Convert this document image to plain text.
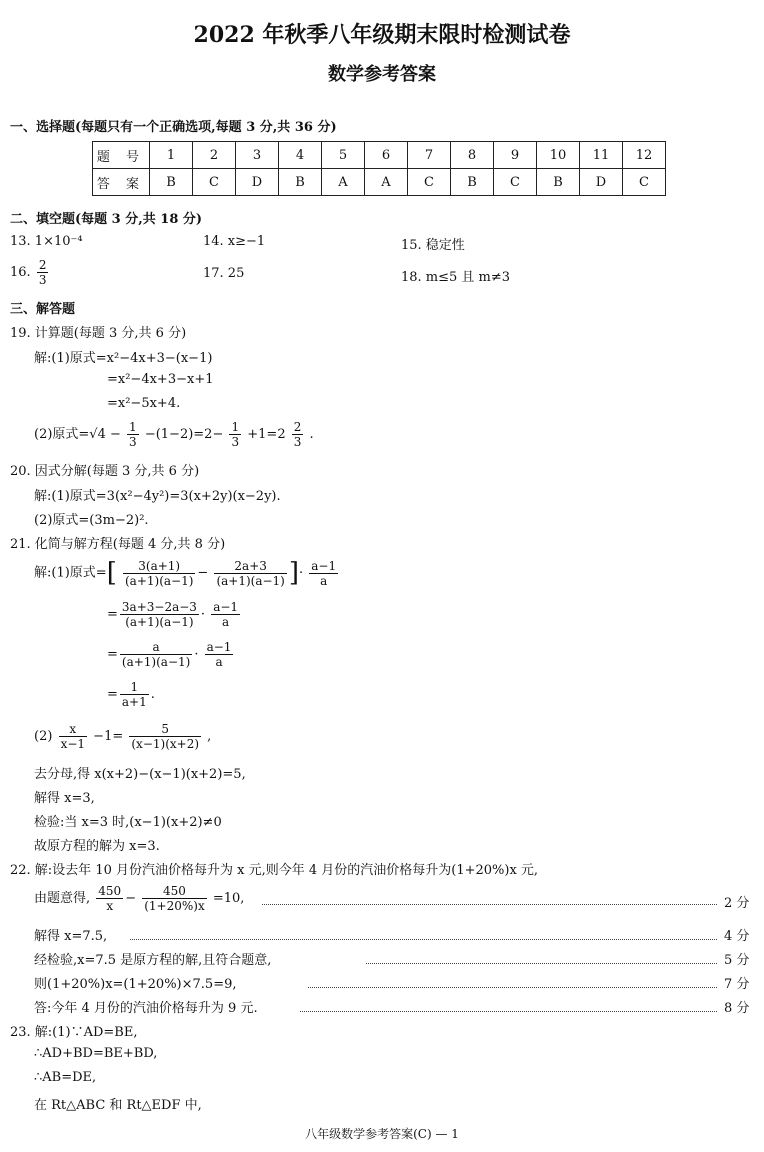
2022 年秋季八年级期末限时检测试卷
数学参考答案
一、选择题(每题只有一个正确选项,每题 3 分,共 36 分)
题 号	1	2	3	4	5	6	7	8	9	10	11	12
答 案	B	C	D	B	A	A	C	B	C	B	D	C
二、填空题(每题 3 分,共 18 分)
13. 1×10⁻⁴	14. x≥−1	15. 稳定性
16. $\frac{2}{3}$	17. 25	18. m≤5 且 m≠3
三、解答题
19. 计算题(每题 3 分,共 6 分)
解:(1)原式=x²−4x+3−(x−1)
=x²−4x+3−x+1
=x²−5x+4.
(2)原式$=√4 - \frac{1}{3} -(1-2)=2- \frac{1}{3} +1=2 \frac{2}{3}$ .
20. 因式分解(每题 3 分,共 6 分)
解:(1)原式=3(x²−4y²)=3(x+2y)(x−2y).
(2)原式=(3m−2)².
21. 化简与解方程(每题 4 分,共 8 分)
解:(1)原式=[ $\frac{3(a+1)}{(a+1)(a-1)} - \frac{2a+3}{(a+1)(a-1)}$ ]· $\frac{a-1}{a}$
= $\frac{3a+3-2a-3}{(a+1)(a-1)} \cdot \frac{a-1}{a}$
= $\frac{a}{(a+1)(a-1)} \cdot \frac{a-1}{a}$
= $\frac{1}{a+1}$ .
$(2) \frac{x}{x-1} -1= \frac{5}{(x-1)(x+2)}$ ,
去分母,得 x(x+2)−(x−1)(x+2)=5,
解得 x=3,
检验:当 x=3 时,(x−1)(x+2)≠0
故原方程的解为 x=3.
22. 解:设去年 10 月份汽油价格每升为 x 元,则今年 4 月份的汽油价格每升为(1+20%)x 元,
由题意得, $\frac{450}{x} - \frac{450}{(1+20\%)x} =10$,	2 分
解得 x=7.5,	4 分
经检验,x=7.5 是原方程的解,且符合题意,	5 分
则(1+20%)x=(1+20%)×7.5=9,	7 分
答:今年 4 月份的汽油价格每升为 9 元.	8 分
23. 解:(1)∵AD=BE,
∴AD+BD=BE+BD,
∴AB=DE,
在 Rt△ABC 和 Rt△EDF 中,
八年级数学参考答案(C) — 1
